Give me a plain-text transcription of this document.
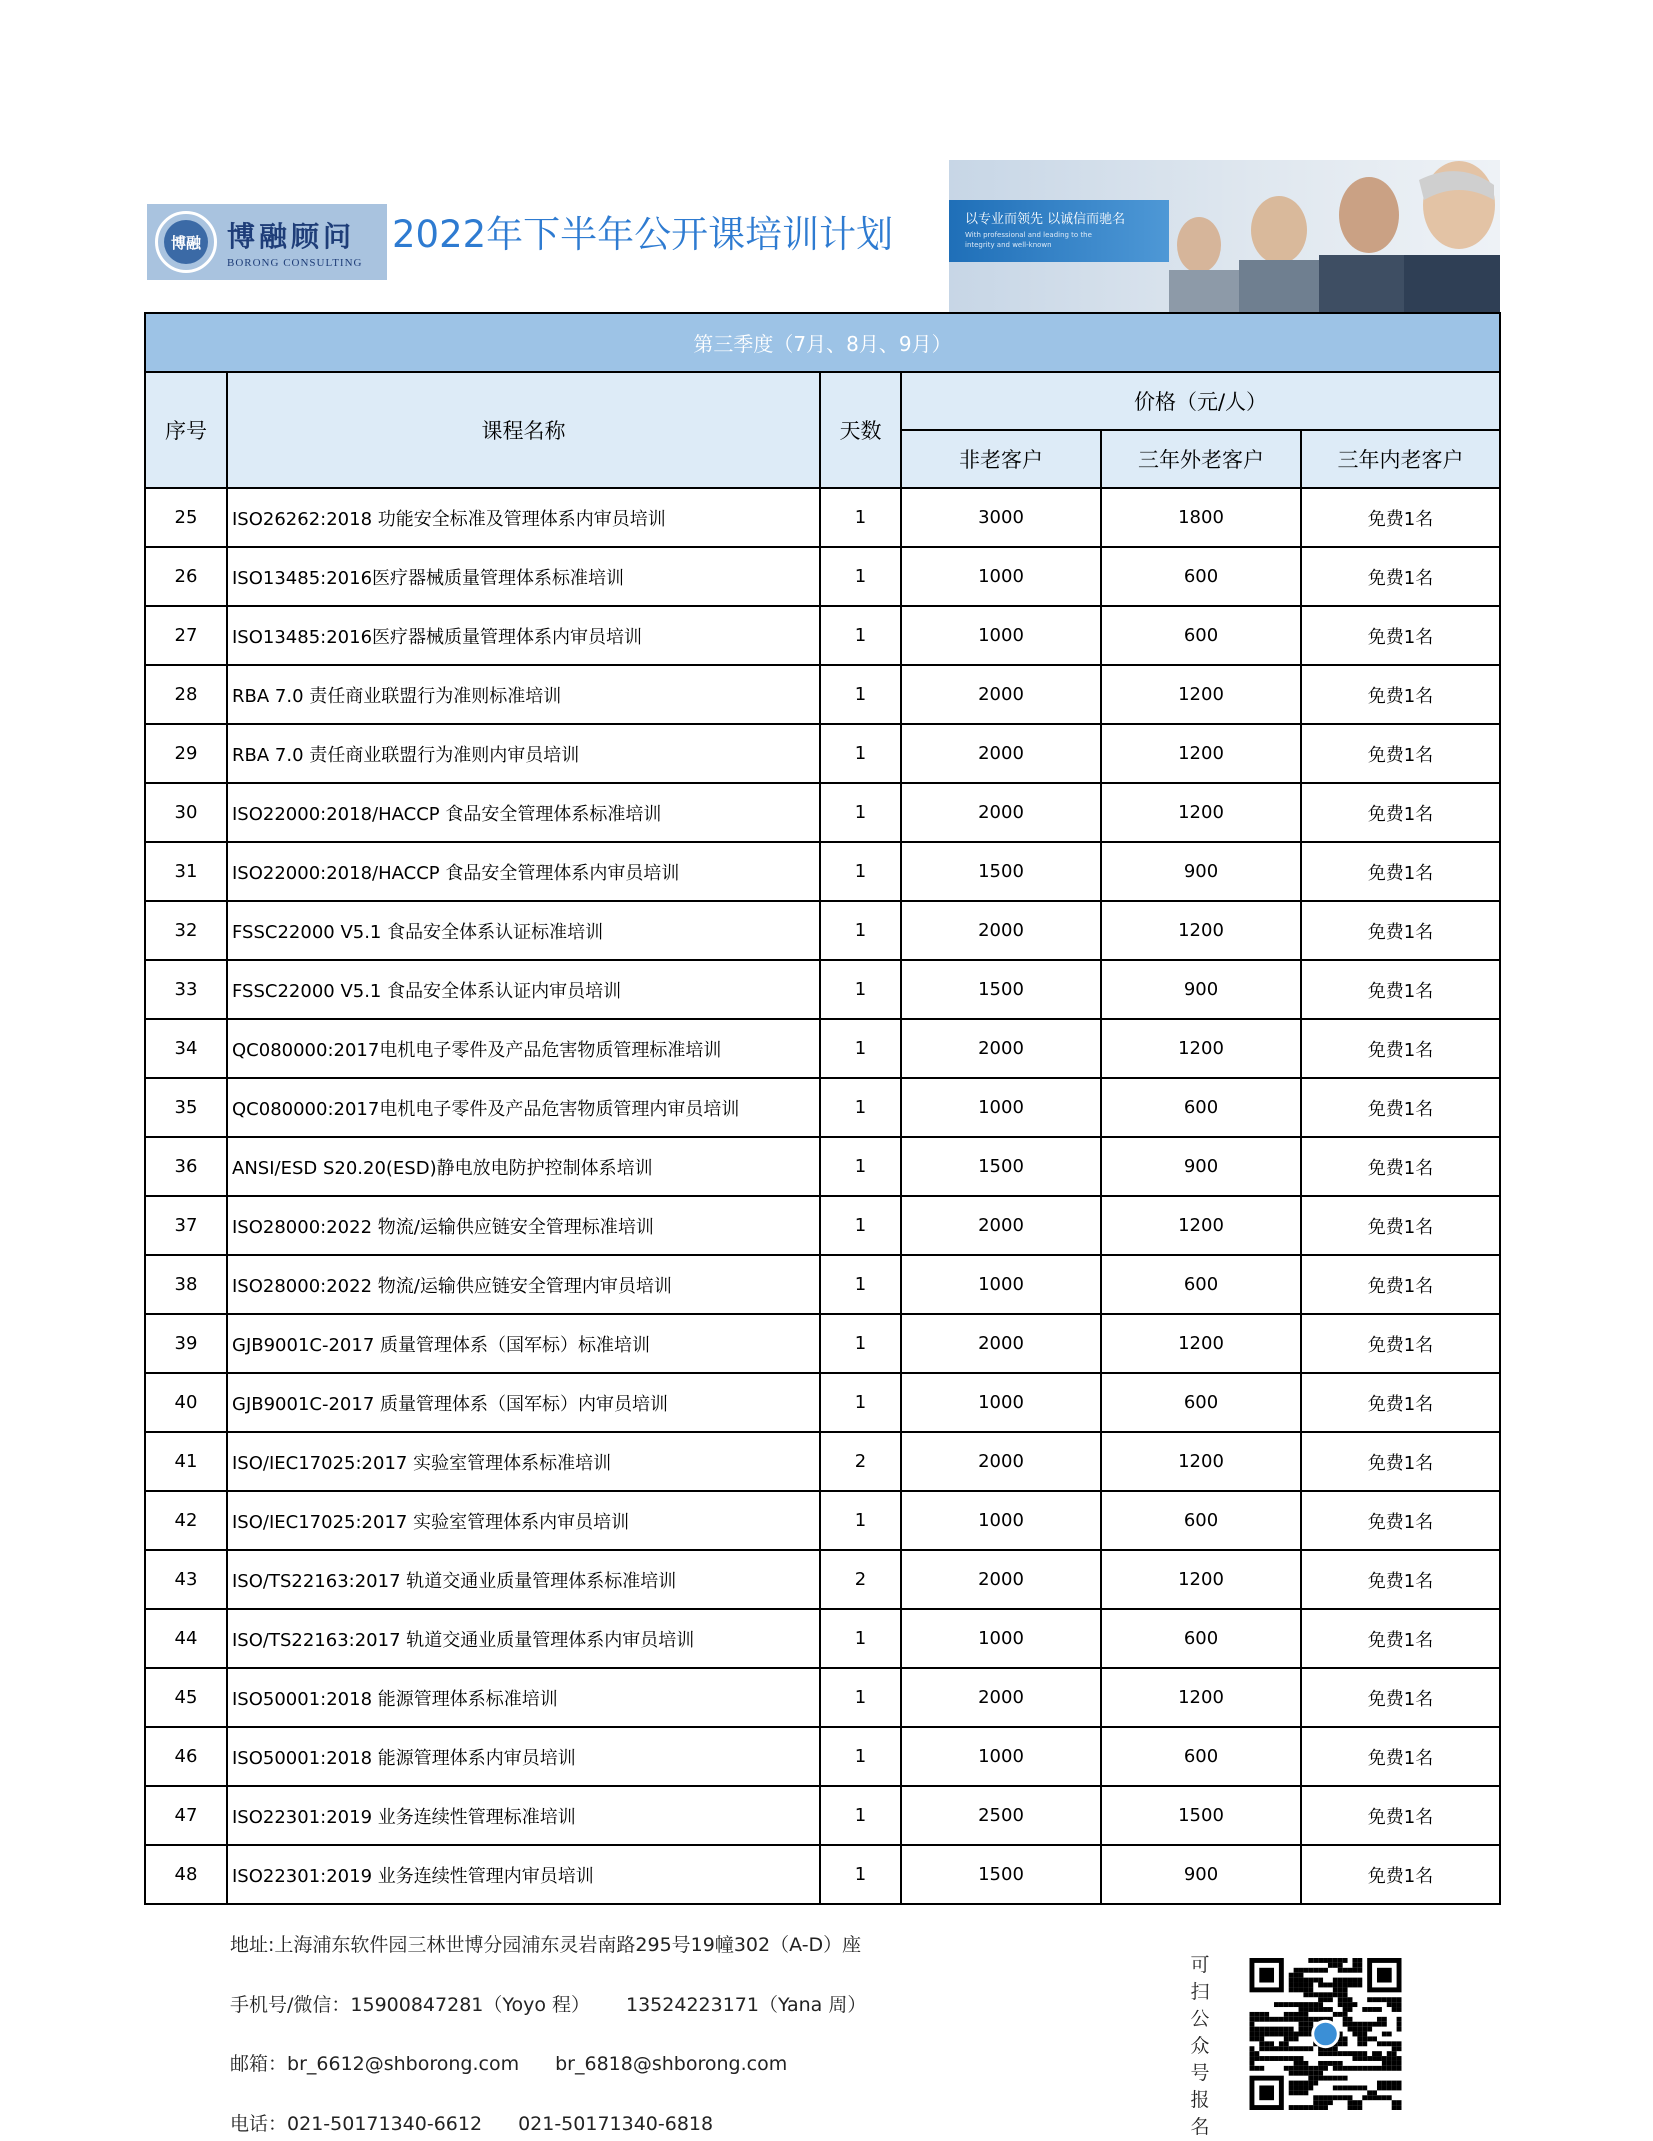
博融 博融顾问
BORONG CONSULTING
2022年下半年公开课培训计划	以专业而领先 以诚信而驰名
With professional and leading to the integrity and well-known
第三季度（7月、8月、9月）					
序号	课程名称	天数	价格（元/人）		
			非老客户	三年外老客户	三年内老客户
25	ISO26262:2018 功能安全标准及管理体系内审员培训	1	3000	1800	免费1名
26	ISO13485:2016医疗器械质量管理体系标准培训	1	1000	600	免费1名
27	ISO13485:2016医疗器械质量管理体系内审员培训	1	1000	600	免费1名
28	RBA 7.0 责任商业联盟行为准则标准培训	1	2000	1200	免费1名
29	RBA 7.0 责任商业联盟行为准则内审员培训	1	2000	1200	免费1名
30	ISO22000:2018/HACCP 食品安全管理体系标准培训	1	2000	1200	免费1名
31	ISO22000:2018/HACCP 食品安全管理体系内审员培训	1	1500	900	免费1名
32	FSSC22000 V5.1 食品安全体系认证标准培训	1	2000	1200	免费1名
33	FSSC22000 V5.1 食品安全体系认证内审员培训	1	1500	900	免费1名
34	QC080000:2017电机电子零件及产品危害物质管理标准培训	1	2000	1200	免费1名
35	QC080000:2017电机电子零件及产品危害物质管理内审员培训	1	1000	600	免费1名
36	ANSI/ESD S20.20(ESD)静电放电防护控制体系培训	1	1500	900	免费1名
37	ISO28000:2022 物流/运输供应链安全管理标准培训	1	2000	1200	免费1名
38	ISO28000:2022 物流/运输供应链安全管理内审员培训	1	1000	600	免费1名
39	GJB9001C-2017 质量管理体系（国军标）标准培训	1	2000	1200	免费1名
40	GJB9001C-2017 质量管理体系（国军标）内审员培训	1	1000	600	免费1名
41	ISO/IEC17025:2017 实验室管理体系标准培训	2	2000	1200	免费1名
42	ISO/IEC17025:2017 实验室管理体系内审员培训	1	1000	600	免费1名
43	ISO/TS22163:2017 轨道交通业质量管理体系标准培训	2	2000	1200	免费1名
44	ISO/TS22163:2017 轨道交通业质量管理体系内审员培训	1	1000	600	免费1名
45	ISO50001:2018 能源管理体系标准培训	1	2000	1200	免费1名
46	ISO50001:2018 能源管理体系内审员培训	1	1000	600	免费1名
47	ISO22301:2019 业务连续性管理标准培训	1	2500	1500	免费1名
48	ISO22301:2019 业务连续性管理内审员培训	1	1500	900	免费1名
地址:上海浦东软件园三林世博分园浦东灵岩南路295号19幢302（A-D）座
手机号/微信：15900847281（Yoyo 程） 13524223171（Yana 周）
邮箱：br_6612@shborong.com br_6818@shborong.com
电话：021-50171340-6612 021-50171340-6818
可
扫
公
众
号
报
名
